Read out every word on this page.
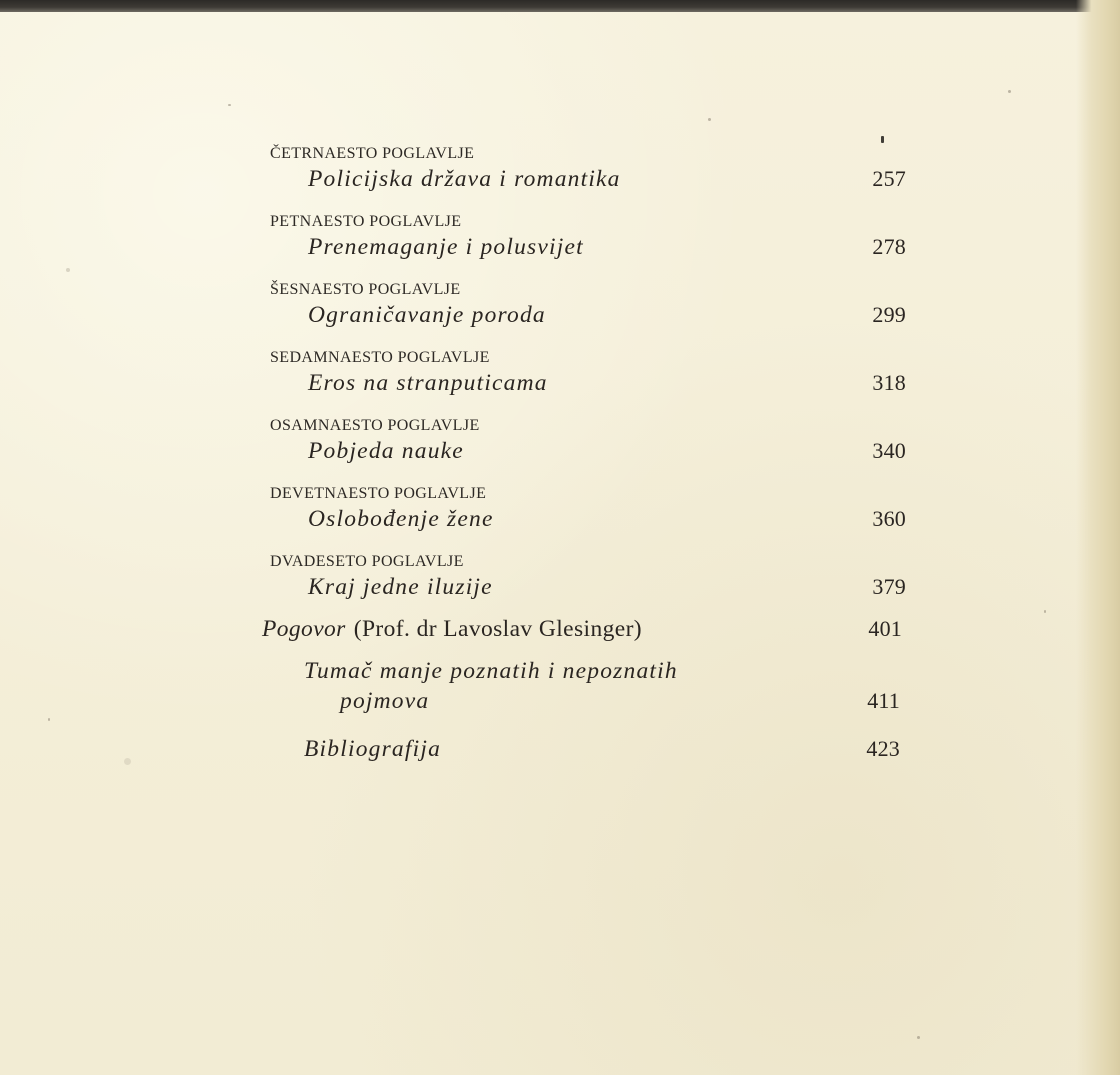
ČETRNAESTO POGLAVLJE
Policijska država i romantika	257
PETNAESTO POGLAVLJE
Prenemaganje i polusvijet	278
ŠESNAESTO POGLAVLJE
Ograničavanje poroda	299
SEDAMNAESTO POGLAVLJE
Eros na stranputicama	318
OSAMNAESTO POGLAVLJE
Pobjeda nauke	340
DEVETNAESTO POGLAVLJE
Oslobođenje žene	360
DVADESETO POGLAVLJE
Kraj jedne iluzije	379
Pogovor (Prof. dr Lavoslav Glesinger)	401
Tumač manje poznatih i nepoznatih
pojmova	411
Bibliografija	423
